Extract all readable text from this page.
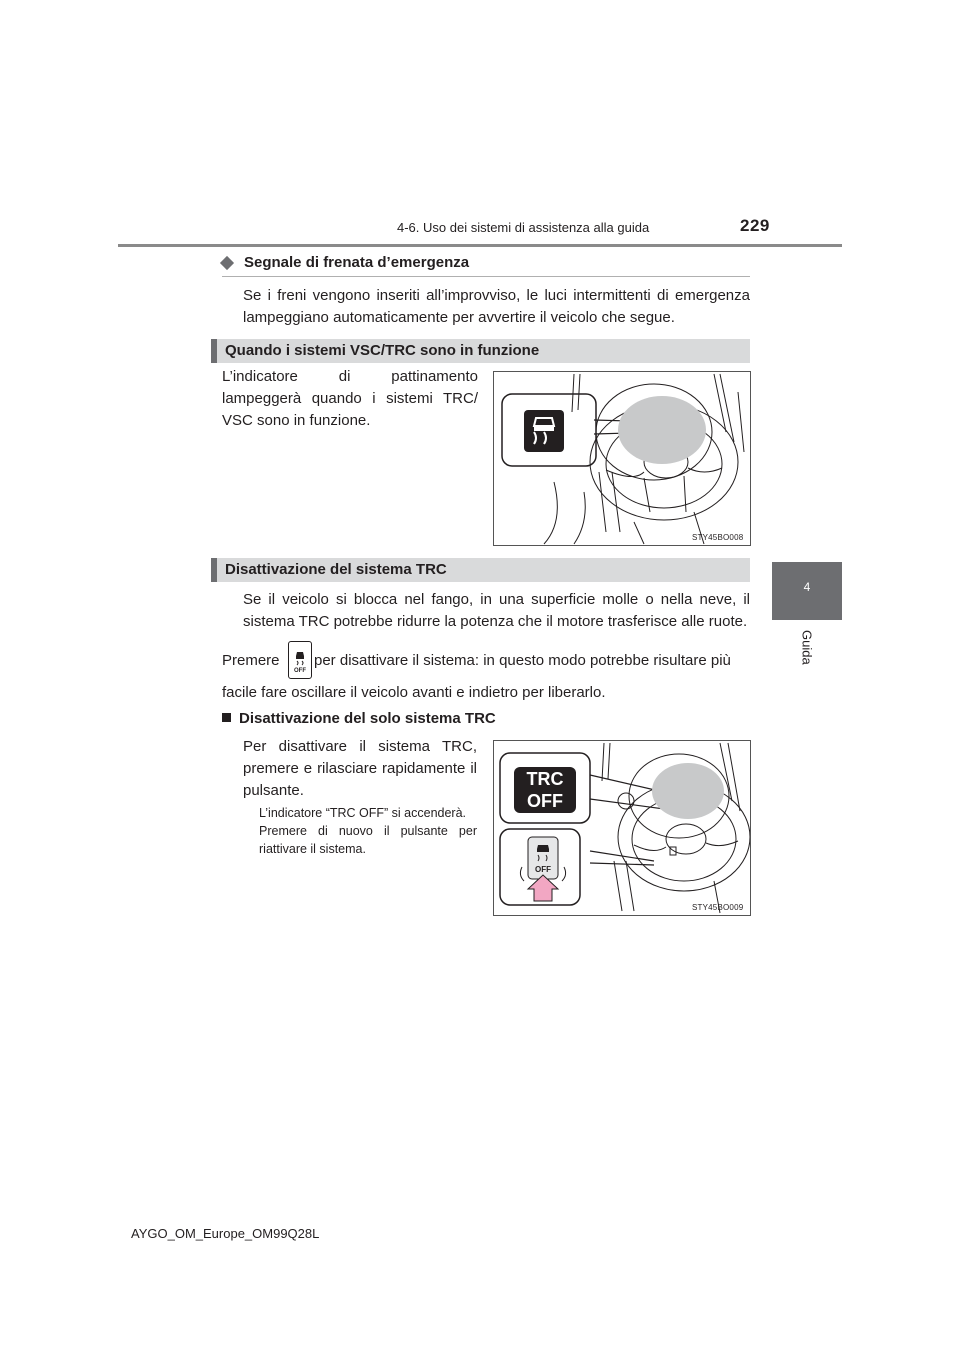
4-6. Uso dei sistemi di assistenza alla guida	229
4
Guida
Segnale di frenata d’emergenza
Se i freni vengono inseriti all’improvviso, le luci intermittenti di emergenza lampeggiano automaticamente per avvertire il veicolo che segue.
Quando i sistemi VSC/TRC sono in funzione
L’indicatore di pattinamento lampeggerà quando i sistemi TRC/ VSC sono in funzione.
STY45BO008
Disattivazione del sistema TRC
Se il veicolo si blocca nel fango, in una superficie molle o nella neve, il sistema TRC potrebbe ridurre la potenza che il motore trasferisce alle ruote.
Premere
OFF
per disattivare il sistema: in questo modo potrebbe risultare più
facile fare oscillare il veicolo avanti e indietro per liberarlo.
Disattivazione del solo sistema TRC
Per disattivare il sistema TRC, premere e rilasciare rapidamente il pulsante.
L’indicatore “TRC OFF” si accenderà.
Premere di nuovo il pulsante per riattivare il sistema.
TRC
OFF
OFF
STY45BO009
AYGO_OM_Europe_OM99Q28L
